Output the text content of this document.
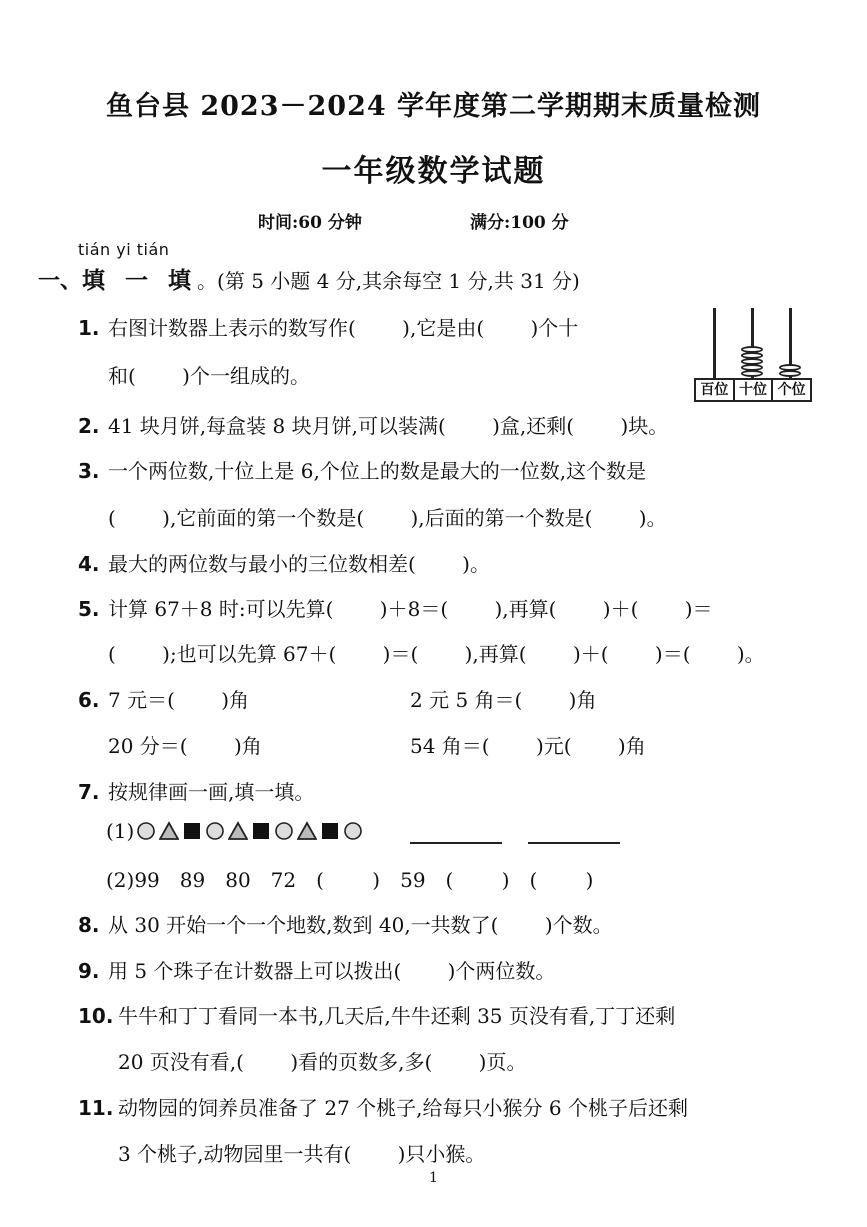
鱼台县 2023－2024 学年度第二学期期末质量检测
一年级数学试题
时间:60 分钟	满分:100 分
tián yi tián
一、填 一 填。(第 5 小题 4 分,其余每空 1 分,共 31 分)
1. 右图计数器上表示的数写作(　　 ),它是由(　　 )个十
和(　　 )个一组成的。
百位 十位 个位
2. 41 块月饼,每盒装 8 块月饼,可以装满(　　 )盒,还剩(　　 )块。
3. 一个两位数,十位上是 6,个位上的数是最大的一位数,这个数是
(　　 ),它前面的第一个数是(　　 ),后面的第一个数是(　　 )。
4. 最大的两位数与最小的三位数相差(　　 )。
5. 计算 67＋8 时:可以先算(　　 )＋8＝(　　 ),再算(　　 )＋(　　 )＝
(　　 );也可以先算 67＋(　　 )＝(　　 ),再算(　　 )＋(　　 )＝(　　 )。
6. 7 元＝(　　 )角	2 元 5 角＝(　　 )角
20 分＝(　　 )角	54 角＝(　　 )元(　　 )角
7. 按规律画一画,填一填。
(1)
(2)99　89　80　72　(　　 )　59　(　　 )　(　　 )
8. 从 30 开始一个一个地数,数到 40,一共数了(　　 )个数。
9. 用 5 个珠子在计数器上可以拨出(　　 )个两位数。
10. 牛牛和丁丁看同一本书,几天后,牛牛还剩 35 页没有看,丁丁还剩
20 页没有看,(　　 )看的页数多,多(　　 )页。
11. 动物园的饲养员准备了 27 个桃子,给每只小猴分 6 个桃子后还剩
3 个桃子,动物园里一共有(　　 )只小猴。
1
